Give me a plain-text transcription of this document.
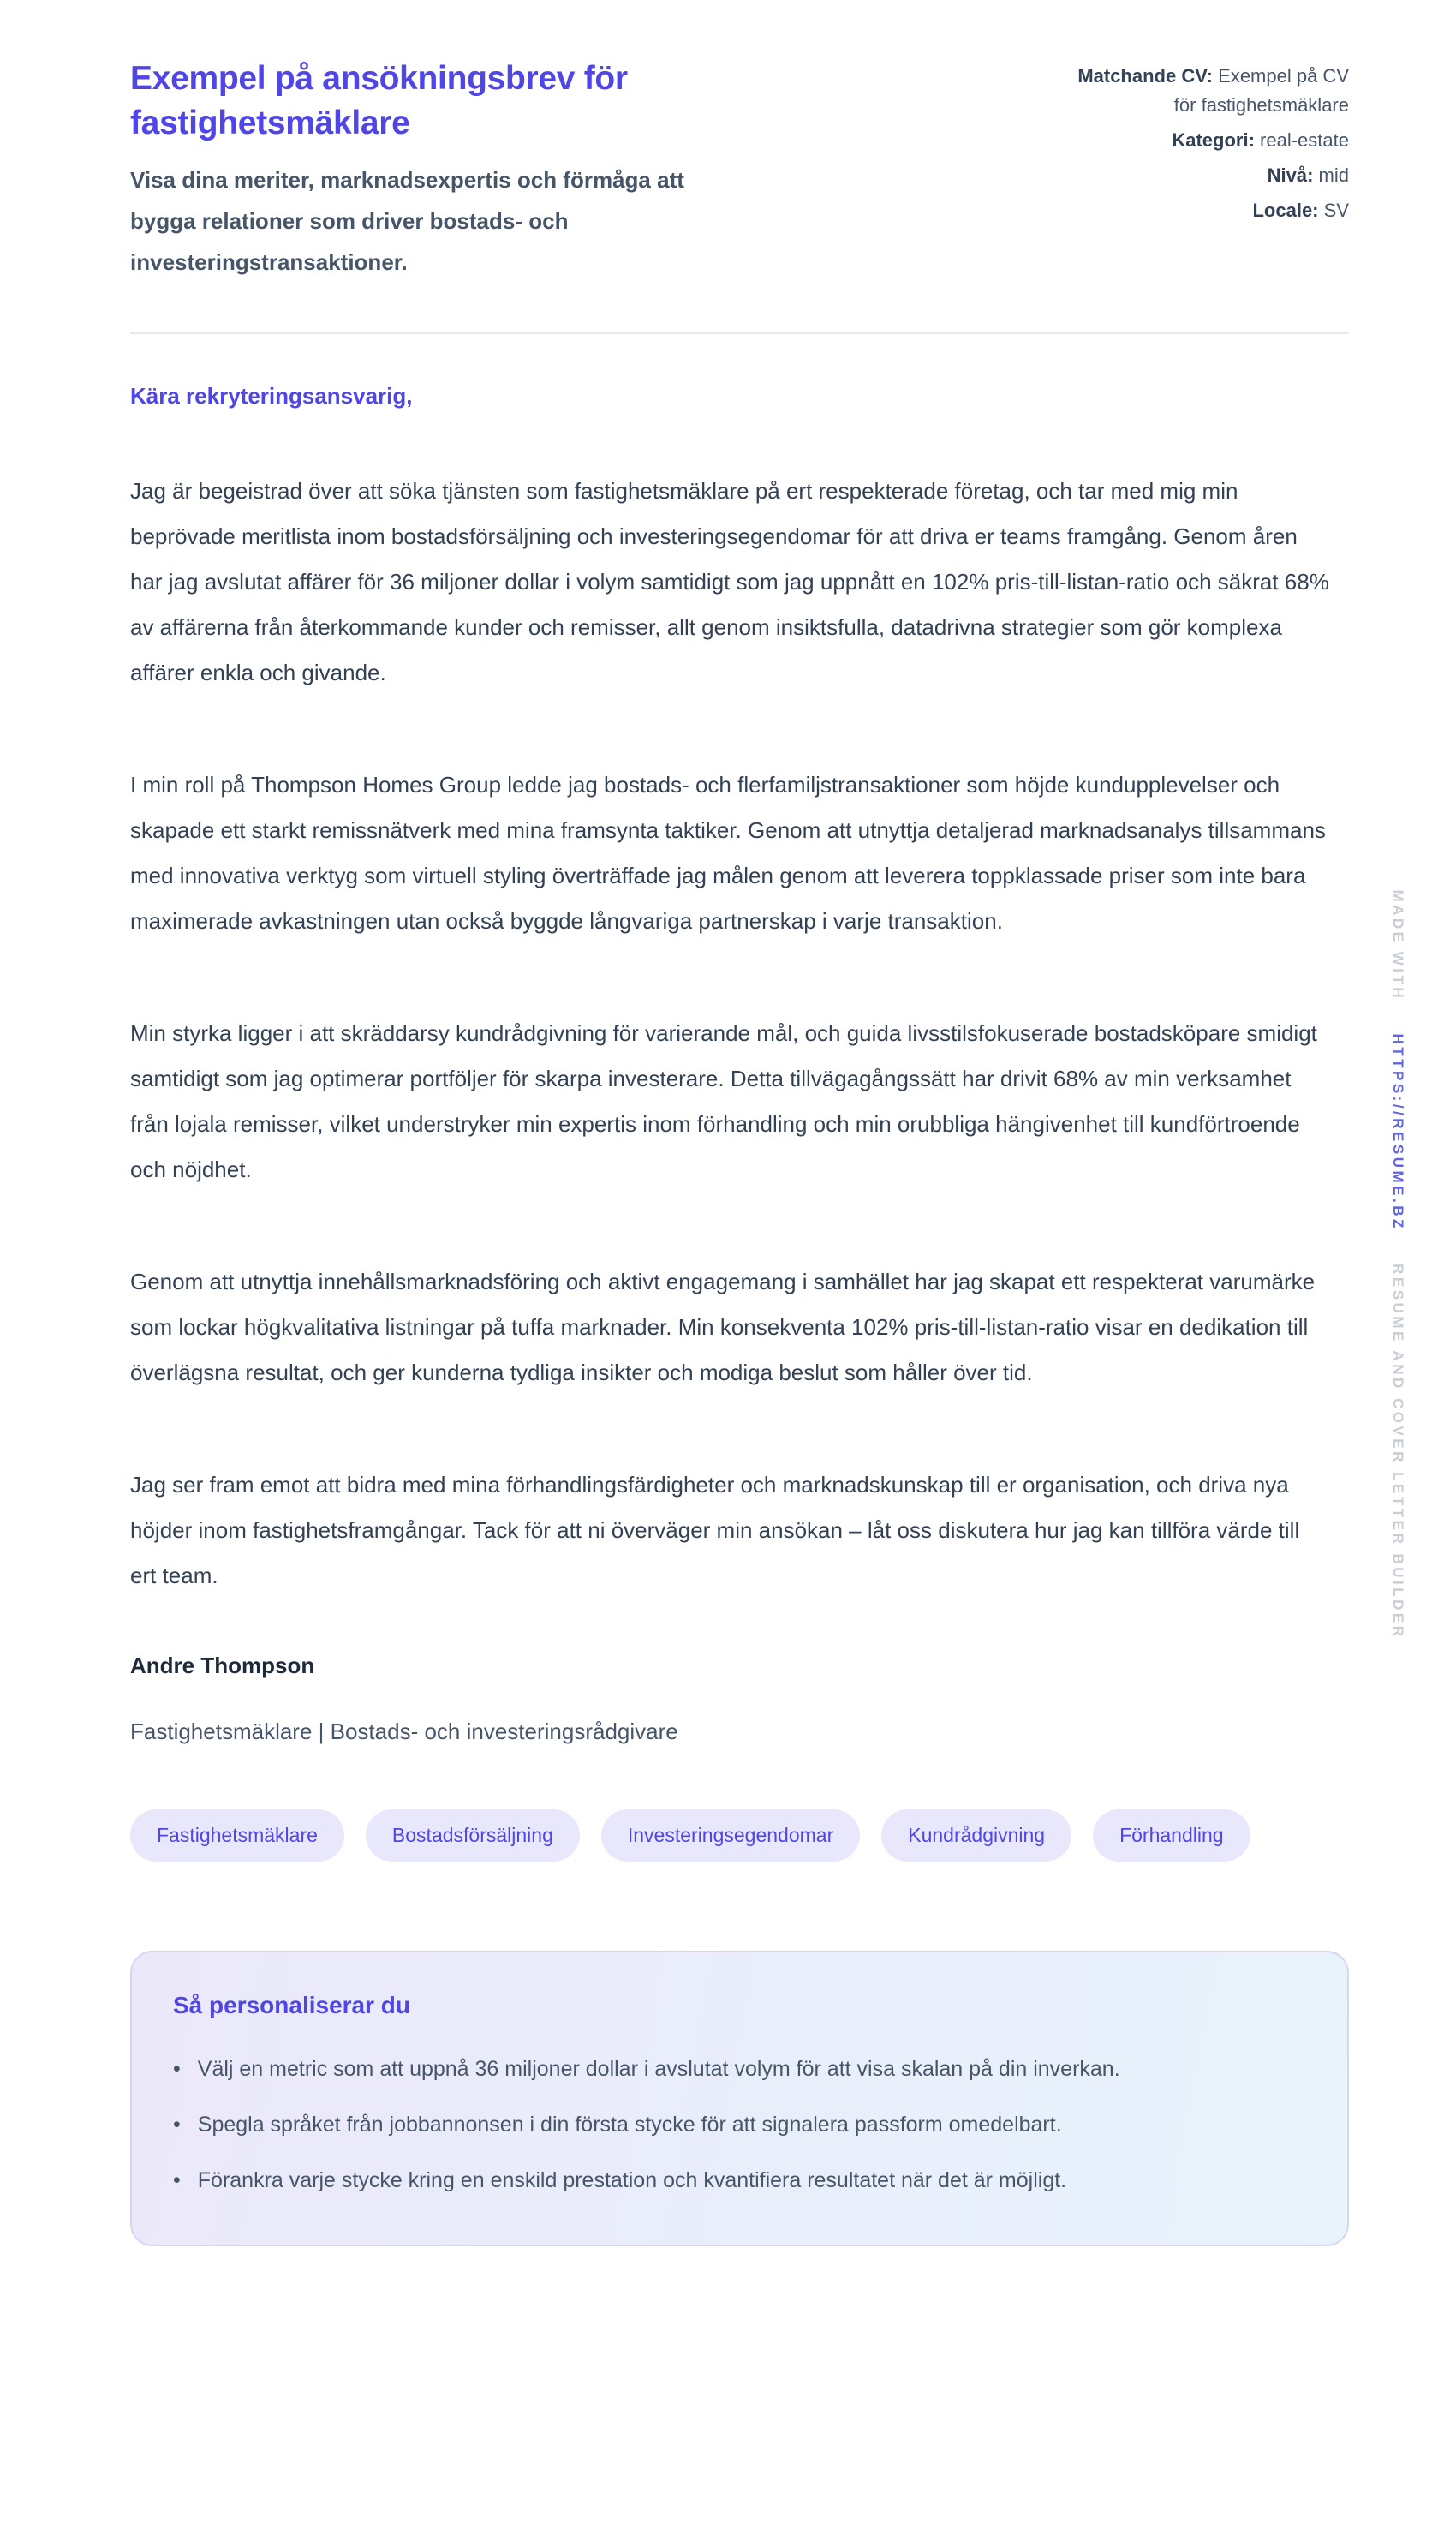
Exempel på ansökningsbrev för fastighetsmäklare
Visa dina meriter, marknadsexpertis och förmåga att bygga relationer som driver bostads- och investeringstransaktioner.
Matchande CV: Exempel på CV för fastighetsmäklare
Kategori: real-estate
Nivå: mid
Locale: SV

Kära rekryteringsansvarig,

Jag är begeistrad över att söka tjänsten som fastighetsmäklare på ert respekterade företag, och tar med mig min beprövade meritlista inom bostadsförsäljning och investeringsegendomar för att driva er teams framgång. Genom åren har jag avslutat affärer för 36 miljoner dollar i volym samtidigt som jag uppnått en 102% pris-till-listan-ratio och säkrat 68% av affärerna från återkommande kunder och remisser, allt genom insiktsfulla, datadrivna strategier som gör komplexa affärer enkla och givande.

I min roll på Thompson Homes Group ledde jag bostads- och flerfamiljstransaktioner som höjde kundupplevelser och skapade ett starkt remissnätverk med mina framsynta taktiker. Genom att utnyttja detaljerad marknadsanalys tillsammans med innovativa verktyg som virtuell styling överträffade jag målen genom att leverera toppklassade priser som inte bara maximerade avkastningen utan också byggde långvariga partnerskap i varje transaktion.

Min styrka ligger i att skräddarsy kundrådgivning för varierande mål, och guida livsstilsfokuserade bostadsköpare smidigt samtidigt som jag optimerar portföljer för skarpa investerare. Detta tillvägagångssätt har drivit 68% av min verksamhet från lojala remisser, vilket understryker min expertis inom förhandling och min orubbliga hängivenhet till kundförtroende och nöjdhet.

Genom att utnyttja innehållsmarknadsföring och aktivt engagemang i samhället har jag skapat ett respekterat varumärke som lockar högkvalitativa listningar på tuffa marknader. Min konsekventa 102% pris-till-listan-ratio visar en dedikation till överlägsna resultat, och ger kunderna tydliga insikter och modiga beslut som håller över tid.

Jag ser fram emot att bidra med mina förhandlingsfärdigheter och marknadskunskap till er organisation, och driva nya höjder inom fastighetsframgångar. Tack för att ni överväger min ansökan – låt oss diskutera hur jag kan tillföra värde till ert team.

Andre Thompson
Fastighetsmäklare | Bostads- och investeringsrådgivare
Fastighetsmäklare	Bostadsförsäljning	Investeringsegendomar	Kundrådgivning	Förhandling
Så personaliserar du
• Välj en metric som att uppnå 36 miljoner dollar i avslutat volym för att visa skalan på din inverkan.
• Spegla språket från jobbannonsen i din första stycke för att signalera passform omedelbart.
• Förankra varje stycke kring en enskild prestation och kvantifiera resultatet när det är möjligt.
MADE WITH HTTPS://RESUME.BZ RESUME AND COVER LETTER BUILDER
